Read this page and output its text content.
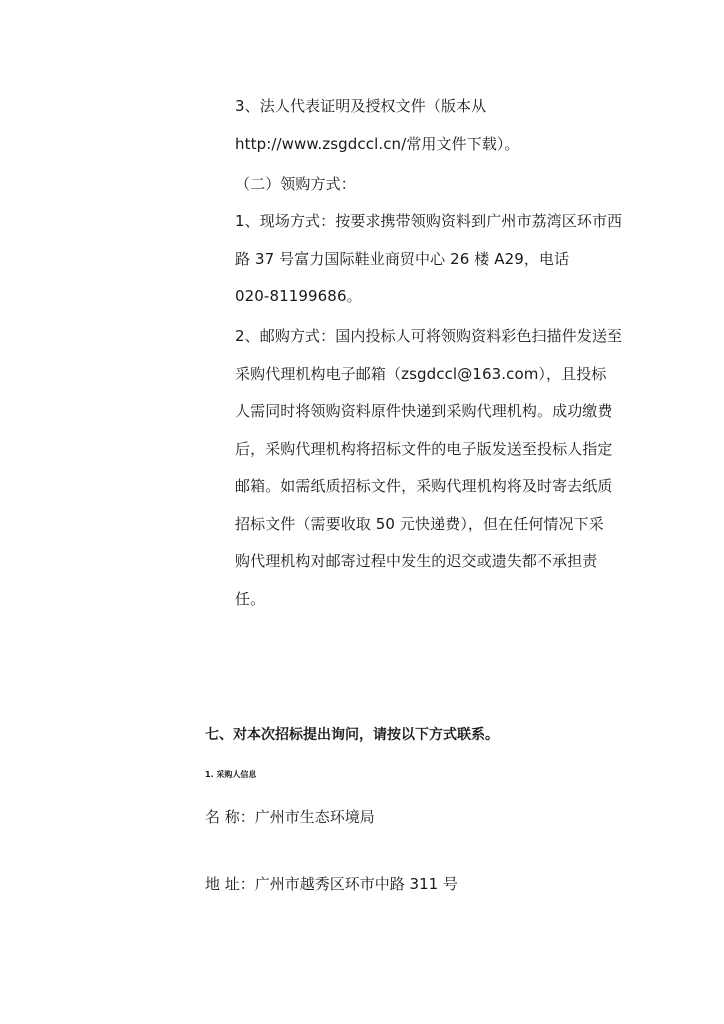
3、法人代表证明及授权文件（版本从
http://www.zsgdccl.cn/常用文件下载）。

（二）领购方式：

1、现场方式：按要求携带领购资料到广州市荔湾区环市西
路 37 号富力国际鞋业商贸中心 26 楼 A29，电话
020-81199686。

2、邮购方式：国内投标人可将领购资料彩色扫描件发送至
采购代理机构电子邮箱（zsgdccl@163.com），且投标
人需同时将领购资料原件快递到采购代理机构。成功缴费
后，采购代理机构将招标文件的电子版发送至投标人指定
邮箱。如需纸质招标文件，采购代理机构将及时寄去纸质
招标文件（需要收取 50 元快递费），但在任何情况下采
购代理机构对邮寄过程中发生的迟交或遗失都不承担责
任。

七、对本次招标提出询问，请按以下方式联系。
1. 采购人信息
名 称：广州市生态环境局
地 址：广州市越秀区环市中路 311 号
